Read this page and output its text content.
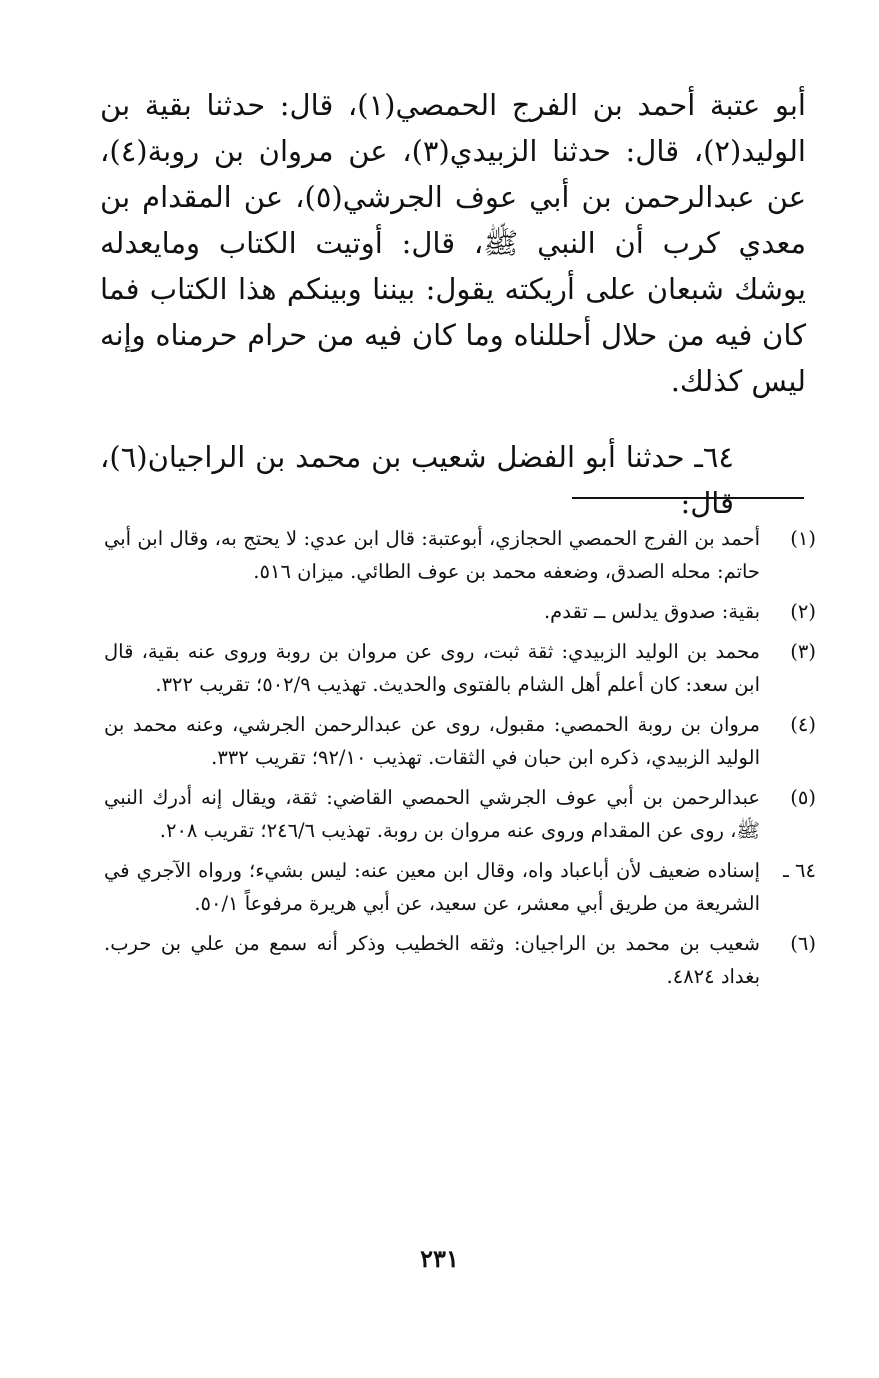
أبو عتبة أحمد بن الفرج الحمصي(١)، قال: حدثنا بقية بن الوليد(٢)، قال: حدثنا الزبيدي(٣)، عن مروان بن روبة(٤)، عن عبدالرحمن بن أبي عوف الجرشي(٥)، عن المقدام بن معدي كرب أن النبي ﷺ، قال: أوتيت الكتاب ومايعدله يوشك شبعان على أريكته يقول: بيننا وبينكم هذا الكتاب فما كان فيه من حلال أحللناه وما كان فيه من حرام حرمناه وإنه ليس كذلك.

٦٤ـ حدثنا أبو الفضل شعيب بن محمد بن الراجيان(٦)، قال:

(١)
أحمد بن الفرج الحمصي الحجازي، أبوعتبة: قال ابن عدي: لا يحتج به، وقال ابن أبي حاتم: محله الصدق، وضعفه محمد بن عوف الطائي. ميزان ٥١٦.
(٢)
بقية: صدوق يدلس ــ تقدم.
(٣)
محمد بن الوليد الزبيدي: ثقة ثبت، روى عن مروان بن روبة وروى عنه بقية، قال ابن سعد: كان أعلم أهل الشام بالفتوى والحديث. تهذيب ٥٠٢/٩؛ تقريب ٣٢٢.
(٤)
مروان بن روبة الحمصي: مقبول، روى عن عبدالرحمن الجرشي، وعنه محمد بن الوليد الزبيدي، ذكره ابن حبان في الثقات. تهذيب ٩٢/١٠؛ تقريب ٣٣٢.
(٥)
عبدالرحمن بن أبي عوف الجرشي الحمصي القاضي: ثقة، ويقال إنه أدرك النبي ﷺ، روى عن المقدام وروى عنه مروان بن روبة. تهذيب ٢٤٦/٦؛ تقريب ٢٠٨.
٦٤ ـ
إسناده ضعيف لأن أباعباد واه، وقال ابن معين عنه: ليس بشيء؛ ورواه الآجري في الشريعة من طريق أبي معشر، عن سعيد، عن أبي هريرة مرفوعاً ٥٠/١.
(٦)
شعيب بن محمد بن الراجيان: وثقه الخطيب وذكر أنه سمع من علي بن حرب. بغداد ٤٨٢٤.
٢٣١
